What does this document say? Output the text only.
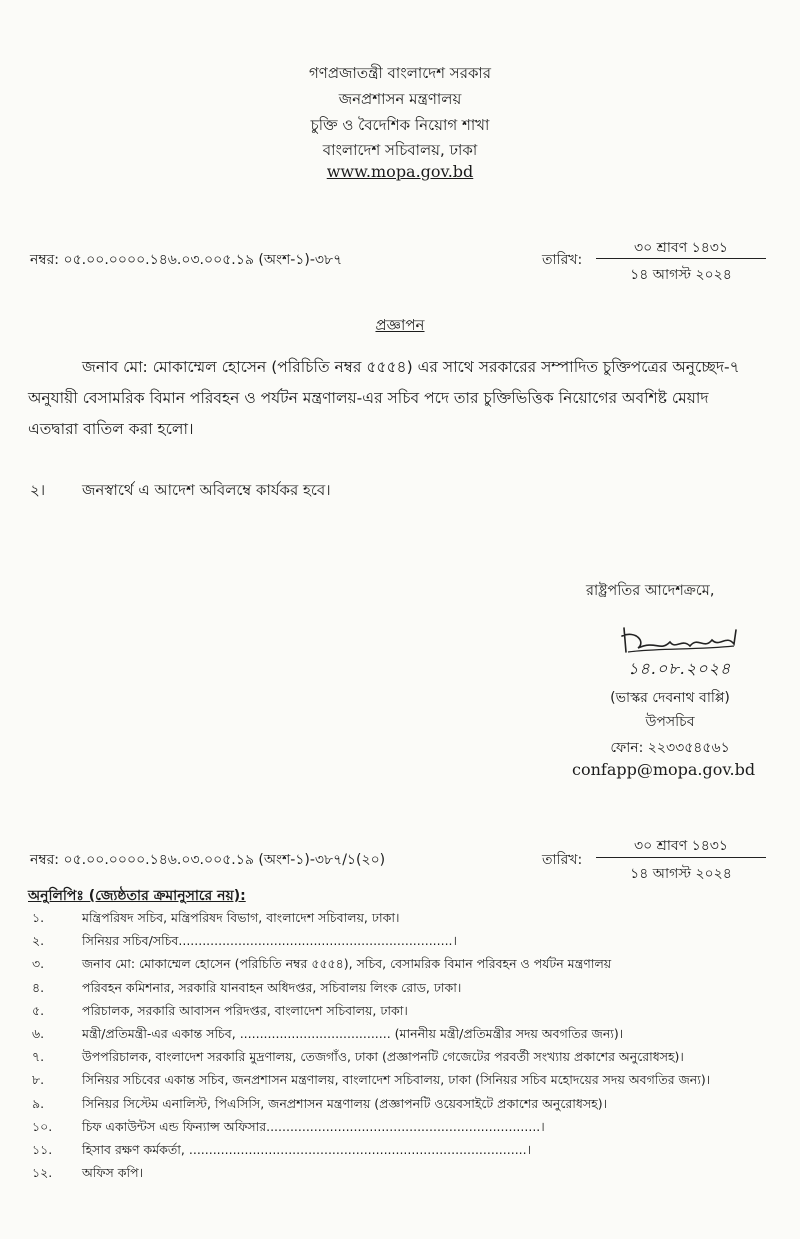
গণপ্রজাতন্ত্রী বাংলাদেশ সরকার
জনপ্রশাসন মন্ত্রণালয়
চুক্তি ও বৈদেশিক নিয়োগ শাখা
বাংলাদেশ সচিবালয়, ঢাকা
www.mopa.gov.bd
নম্বর: ০৫.০০.০০০০.১৪৬.০৩.০০৫.১৯ (অংশ-১)-৩৮৭	তারিখ:
৩০ শ্রাবণ ১৪৩১
১৪ আগস্ট ২০২৪
প্রজ্ঞাপন
জনাব মো: মোকাম্মেল হোসেন (পরিচিতি নম্বর ৫৫৫৪) এর সাথে সরকারের সম্পাদিত চুক্তিপত্রের অনুচ্ছেদ-৭
অনুযায়ী বেসামরিক বিমান পরিবহন ও পর্যটন মন্ত্রণালয়-এর সচিব পদে তার চুক্তিভিত্তিক নিয়োগের অবশিষ্ট মেয়াদ
এতদ্বারা বাতিল করা হলো।
২। জনস্বার্থে এ আদেশ অবিলম্বে কার্যকর হবে।
রাষ্ট্রপতির আদেশক্রমে,
১৪.০৮.২০২৪
(ভাস্কর দেবনাথ বাপ্পি)
উপসচিব
ফোন: ২২৩৩৫৪৫৬১
confapp@mopa.gov.bd
নম্বর: ০৫.০০.০০০০.১৪৬.০৩.০০৫.১৯ (অংশ-১)-৩৮৭/১(২০)	তারিখ:
৩০ শ্রাবণ ১৪৩১
১৪ আগস্ট ২০২৪
অনুলিপিঃ (জ্যেষ্ঠতার ক্রমানুসারে নয়):
১.	মন্ত্রিপরিষদ সচিব, মন্ত্রিপরিষদ বিভাগ, বাংলাদেশ সচিবালয়, ঢাকা।
২.	সিনিয়র সচিব/সচিব.....................................................................।
৩.	জনাব মো: মোকাম্মেল হোসেন (পরিচিতি নম্বর ৫৫৫৪), সচিব, বেসামরিক বিমান পরিবহন ও পর্যটন মন্ত্রণালয়
৪.	পরিবহন কমিশনার, সরকারি যানবাহন অধিদপ্তর, সচিবালয় লিংক রোড, ঢাকা।
৫.	পরিচালক, সরকারি আবাসন পরিদপ্তর, বাংলাদেশ সচিবালয়, ঢাকা।
৬.	মন্ত্রী/প্রতিমন্ত্রী-এর একান্ত সচিব, ...................................... (মাননীয় মন্ত্রী/প্রতিমন্ত্রীর সদয় অবগতির জন্য)।
৭.	উপপরিচালক, বাংলাদেশ সরকারি মুদ্রণালয়, তেজগাঁও, ঢাকা (প্রজ্ঞাপনটি গেজেটের পরবর্তী সংখ্যায় প্রকাশের অনুরোধসহ)।
৮.	সিনিয়র সচিবের একান্ত সচিব, জনপ্রশাসন মন্ত্রণালয়, বাংলাদেশ সচিবালয়, ঢাকা (সিনিয়র সচিব মহোদয়ের সদয় অবগতির জন্য)।
৯.	সিনিয়র সিস্টেম এনালিস্ট, পিএসিসি, জনপ্রশাসন মন্ত্রণালয় (প্রজ্ঞাপনটি ওয়েবসাইটে প্রকাশের অনুরোধসহ)।
১০. চিফ একাউন্টস এন্ড ফিন্যান্স অফিসার.....................................................................।
১১. হিসাব রক্ষণ কর্মকর্তা, .....................................................................................।
১২. অফিস কপি।
